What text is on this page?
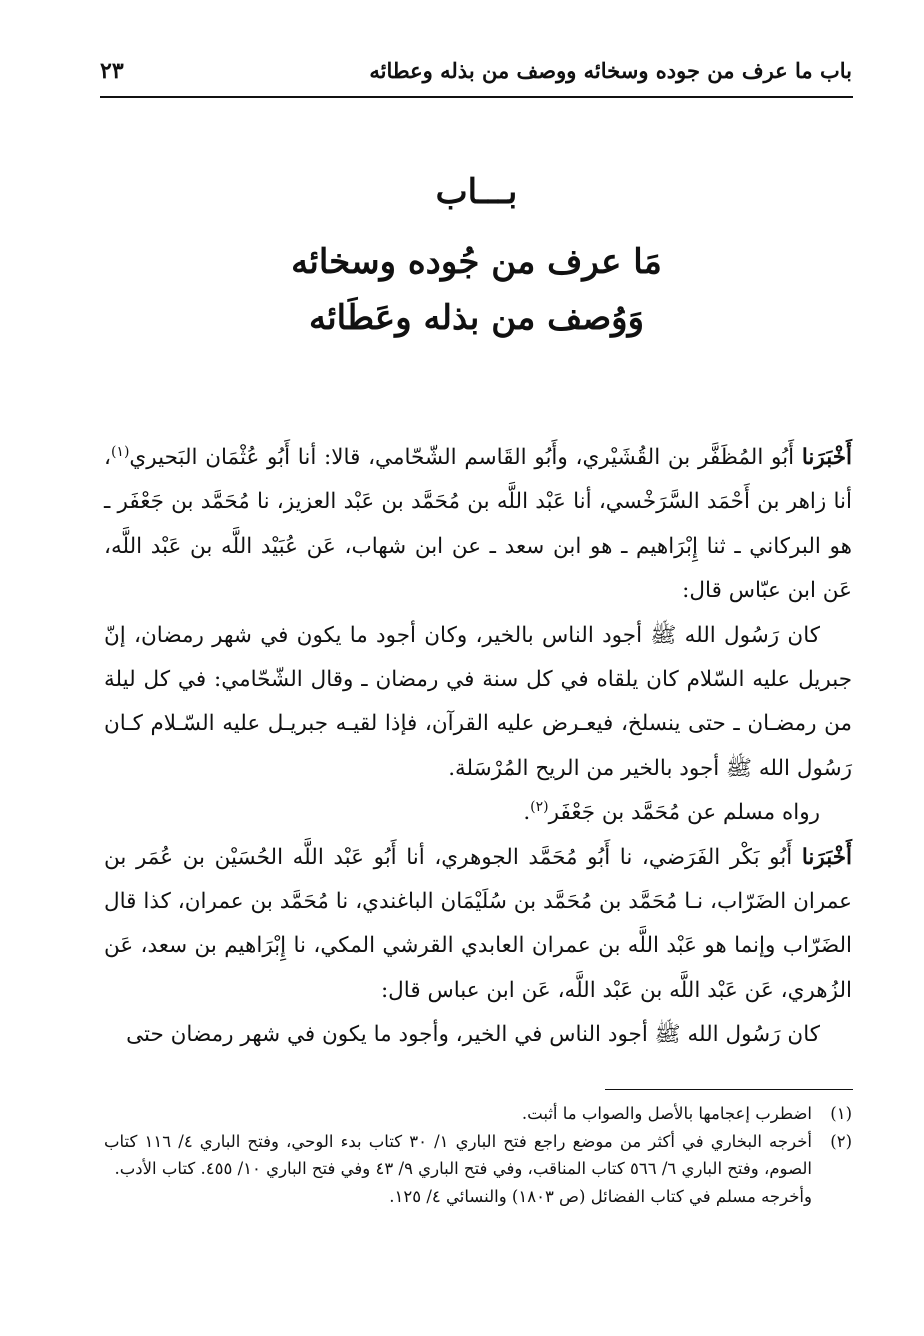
باب ما عرف من جوده وسخائه ووصف من بذله وعطائه
٢٣
بـــاب
مَا عرف من جُوده وسخائه
وَوُصف من بذله وعَطَائه

أَخْبَرَنا أَبُو المُظَفَّر بن القُشَيْري، وأَبُو القَاسم الشّحّامي، قالا: أنا أَبُو عُثْمَان البَحيري$^{(١)}$، أنا زاهر بن أَحْمَد السَّرَخْسي، أنا عَبْد اللَّه بن مُحَمَّد بن عَبْد العزيز، نا مُحَمَّد بن جَعْفَر ـ هو البركاني ـ ثنا إِبْرَاهيم ـ هو ابن سعد ـ عن ابن شهاب، عَن عُبَيْد اللَّه بن عَبْد اللَّه، عَن ابن عبّاس قال:

كان رَسُول الله ﷺ أجود الناس بالخير، وكان أجود ما يكون في شهر رمضان، إنّ جبريل عليه السّلام كان يلقاه في كل سنة في رمضان ـ وقال الشّحّامي: في كل ليلة من رمضـان ـ حتى ينسلخ، فيعـرض عليه القرآن، فإذا لقيـه جبريـل عليه السّـلام كـان رَسُول الله ﷺ أجود بالخير من الريح المُرْسَلة.

رواه مسلم عن مُحَمَّد بن جَعْفَر$^{(٢)}$.

أَخْبَرَنا أَبُو بَكْر الفَرَضي، نا أَبُو مُحَمَّد الجوهري، أنا أَبُو عَبْد اللَّه الحُسَيْن بن عُمَر بن عمران الضَرّاب، نـا مُحَمَّد بن مُحَمَّد بن سُلَيْمَان الباغندي، نا مُحَمَّد بن عمران، كذا قال الضَرّاب وإنما هو عَبْد اللَّه بن عمران العابدي القرشي المكي، نا إِبْرَاهيم بن سعد، عَن الزُهري، عَن عَبْد اللَّه بن عَبْد اللَّه، عَن ابن عباس قال:

كان رَسُول الله ﷺ أجود الناس في الخير، وأجود ما يكون في شهر رمضان حتى

(١)
اضطرب إعجامها بالأصل والصواب ما أثبت.
(٢)
أخرجه البخاري في أكثر من موضع راجع فتح الباري ١/ ٣٠ كتاب بدء الوحي، وفتح الباري ٤/ ١١٦ كتاب الصوم، وفتح الباري ٦/ ٥٦٦ كتاب المناقب، وفي فتح الباري ٩/ ٤٣ وفي فتح الباري ١٠/ ٤٥٥. كتاب الأدب.

وأخرجه مسلم في كتاب الفضائل (ص ١٨٠٣) والنسائي ٤/ ١٢٥.
